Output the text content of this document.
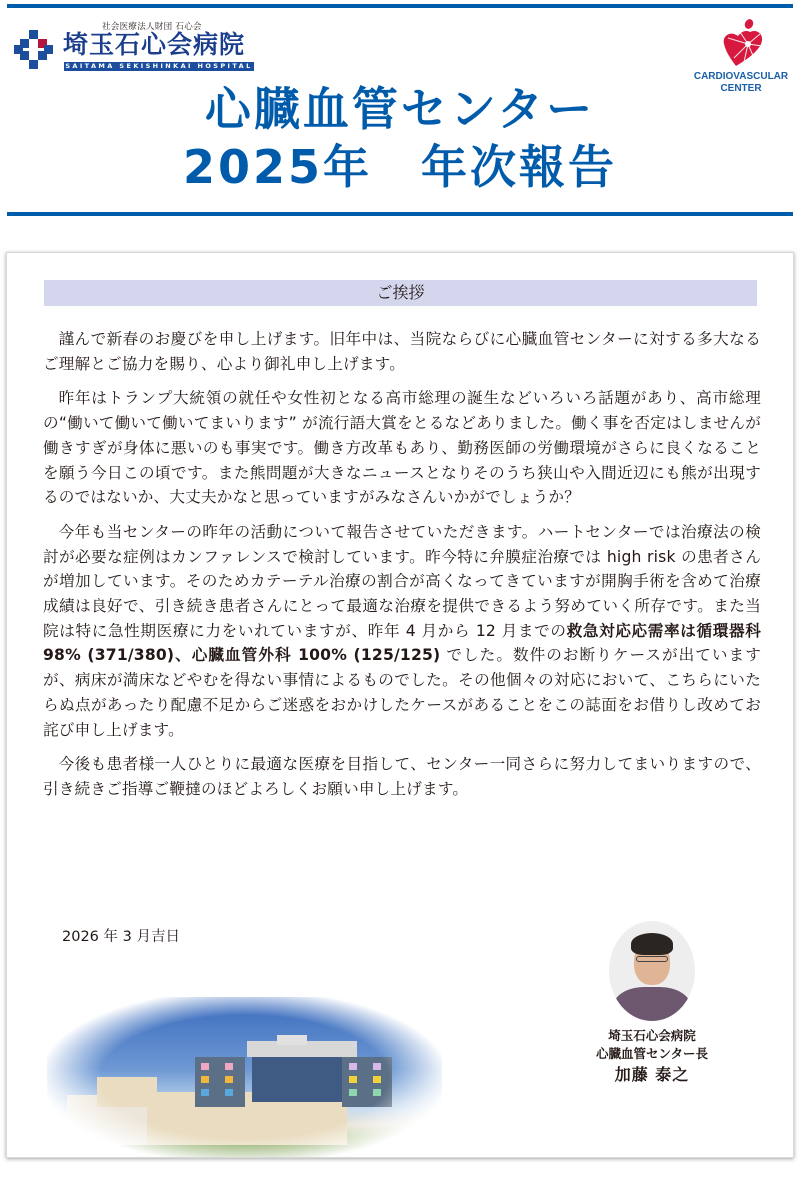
社会医療法人財団 石心会
埼玉石心会病院
SAITAMA SEKISHINKAI HOSPITAL
CARDIOVASCULAR
CENTER
心臓血管センター
2025年　年次報告
ご挨拶

謹んで新春のお慶びを申し上げます。旧年中は、当院ならびに心臓血管センターに対する多大なるご理解とご協力を賜り、心より御礼申し上げます。

昨年はトランプ大統領の就任や女性初となる高市総理の誕生などいろいろ話題があり、高市総理の“働いて働いて働いてまいります” が流行語大賞をとるなどありました。働く事を否定はしませんが働きすぎが身体に悪いのも事実です。働き方改革もあり、勤務医師の労働環境がさらに良くなることを願う今日この頃です。また熊問題が大きなニュースとなりそのうち狭山や入間近辺にも熊が出現するのではないか、大丈夫かなと思っていますがみなさんいかがでしょうか？

今年も当センターの昨年の活動について報告させていただきます。ハートセンターでは治療法の検討が必要な症例はカンファレンスで検討しています。昨今特に弁膜症治療では high risk の患者さんが増加しています。そのためカテーテル治療の割合が高くなってきていますが開胸手術を含めて治療成績は良好で、引き続き患者さんにとって最適な治療を提供できるよう努めていく所存です。また当院は特に急性期医療に力をいれていますが、昨年 4 月から 12 月までの救急対応応需率は循環器科 98% (371/380)、心臓血管外科 100% (125/125) でした。数件のお断りケースが出ていますが、病床が満床などやむを得ない事情によるものでした。その他個々の対応において、こちらにいたらぬ点があったり配慮不足からご迷惑をおかけしたケースがあることをこの誌面をお借りし改めてお詫び申し上げます。

今後も患者様一人ひとりに最適な医療を目指して、センター一同さらに努力してまいりますので、引き続きご指導ご鞭撻のほどよろしくお願い申し上げます。

2026 年 3 月吉日
埼玉石心会病院
心臓血管センター長
加藤 泰之
